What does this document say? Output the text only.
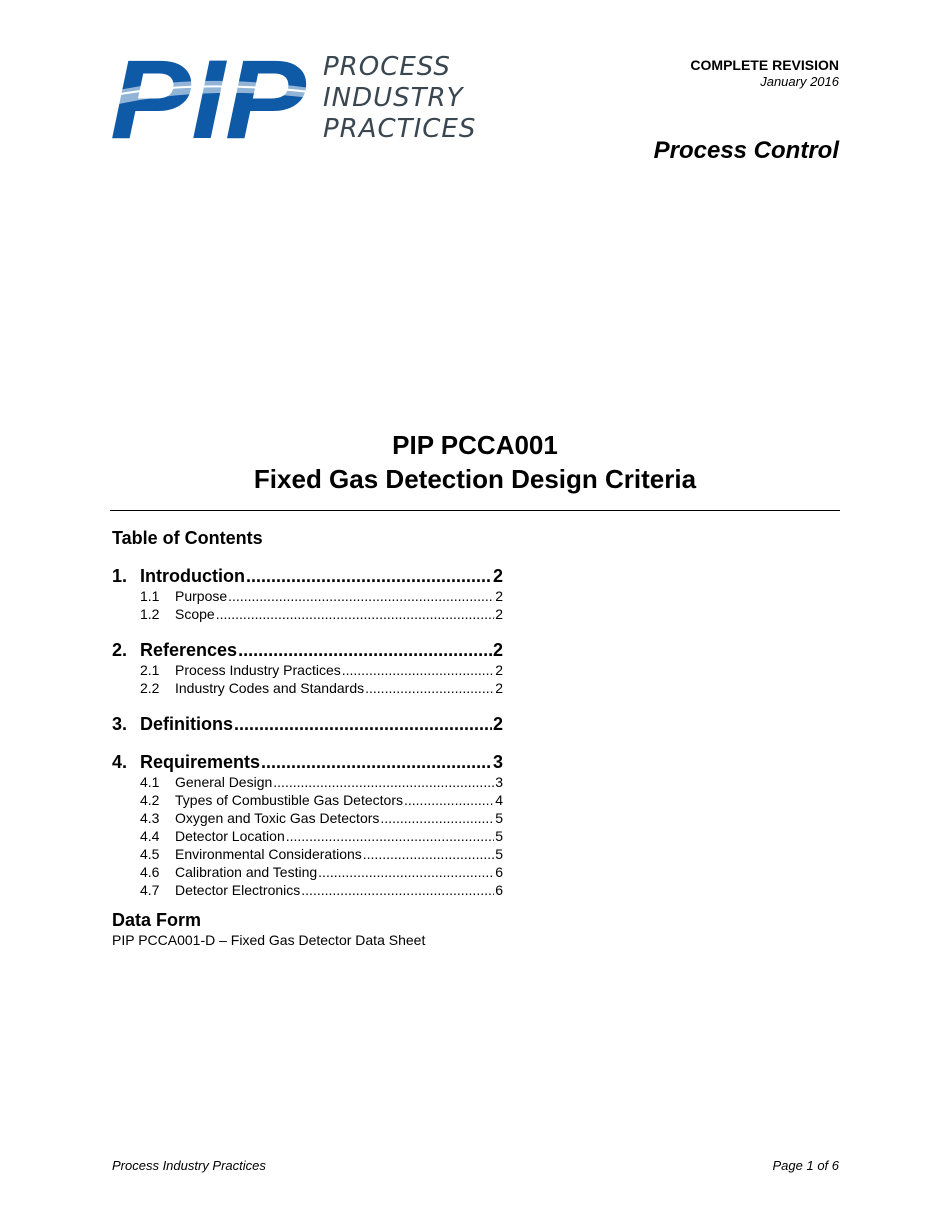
PIP PROCESS
INDUSTRY
PRACTICES
COMPLETE REVISION
January 2016
Process Control
PIP PCCA001
Fixed Gas Detection Design Criteria
Table of Contents
1. Introduction .....	2
1.1	Purpose .....	2
1.2	Scope .....	2
2. References .....	2
2.1	Process Industry Practices .....	2
2.2	Industry Codes and Standards .....	2
3. Definitions .....	2
4. Requirements .....	3
4.1	General Design .....	3
4.2	Types of Combustible Gas Detectors .....	4
4.3	Oxygen and Toxic Gas Detectors .....	5
4.4	Detector Location .....	5
4.5	Environmental Considerations .....	5
4.6	Calibration and Testing .....	6
4.7	Detector Electronics .....	6
Data Form
PIP PCCA001-D – Fixed Gas Detector Data Sheet
Process Industry Practices	Page 1 of 6
